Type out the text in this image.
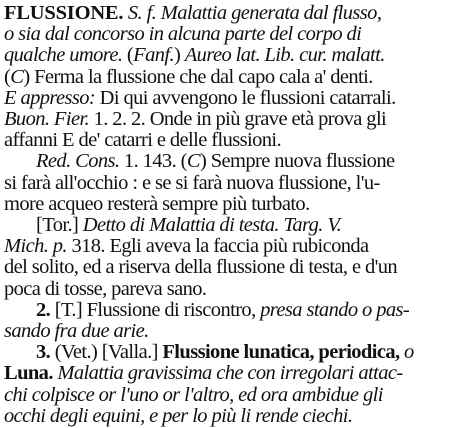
FLUSSIONE. S. f. Malattia generata dal flusso,
o sia dal concorso in alcuna parte del corpo di
qualche umore. (Fanf.) Aureo lat. Lib. cur. malatt.
(C) Ferma la flussione che dal capo cala a' denti.
E appresso: Di qui avvengono le flussioni catarrali.
Buon. Fier. 1. 2. 2. Onde in più grave età prova gli
affanni E de' catarri e delle flussioni.
Red. Cons. 1. 143. (C) Sempre nuova flussione
si farà all'occhio : e se si farà nuova flussione, l'u-
more acqueo resterà sempre più turbato.
[Tor.] Detto di Malattia di testa. Targ. V.
Mich. p. 318. Egli aveva la faccia più rubiconda
del solito, ed a riserva della flussione di testa, e d'un
poca di tosse, pareva sano.
2. [T.] Flussione di riscontro, presa stando o pas-
sando fra due arie.
3. (Vet.) [Valla.] Flussione lunatica, periodica, o
Luna. Malattia gravissima che con irregolari attac-
chi colpisce or l'uno or l'altro, ed ora ambidue gli
occhi degli equini, e per lo più li rende ciechi.
